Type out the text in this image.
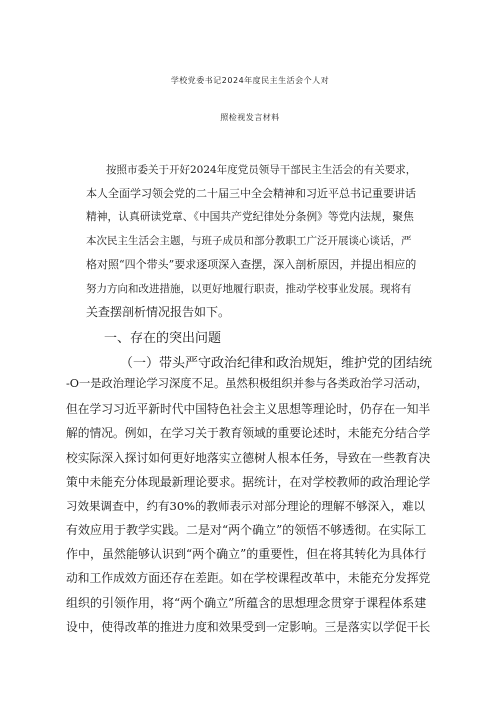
学校党委书记2024年度民主生活会个人对
照检视发言材料
按照市委关于开好2024年度党员领导干部民主生活会的有关要求，
本人全面学习领会党的二十届三中全会精神和习近平总书记重要讲话
精神，认真研读党章、《中国共产党纪律处分条例》等党内法规，聚焦
本次民主生活会主题，与班子成员和部分教职工广泛开展谈心谈话，严
格对照“四个带头”要求逐项深入查摆，深入剖析原因，并提出相应的
努力方向和改进措施，以更好地履行职责，推动学校事业发展。现将有
关查摆剖析情况报告如下。
一、存在的突出问题
（一）带头严守政治纪律和政治规矩，维护党的团结统
-O一是政治理论学习深度不足。虽然积极组织并参与各类政治学习活动，
但在学习习近平新时代中国特色社会主义思想等理论时，仍存在一知半
解的情况。例如，在学习关于教育领域的重要论述时，未能充分结合学
校实际深入探讨如何更好地落实立德树人根本任务，导致在一些教育决
策中未能充分体现最新理论要求。据统计，在对学校教师的政治理论学
习效果调查中，约有30%的教师表示对部分理论的理解不够深入，难以
有效应用于教学实践。二是对“两个确立”的领悟不够透彻。在实际工
作中，虽然能够认识到“两个确立”的重要性，但在将其转化为具体行
动和工作成效方面还存在差距。如在学校课程改革中，未能充分发挥党
组织的引领作用，将“两个确立”所蕴含的思想理念贯穿于课程体系建
设中，使得改革的推进力度和效果受到一定影响。三是落实以学促干长
